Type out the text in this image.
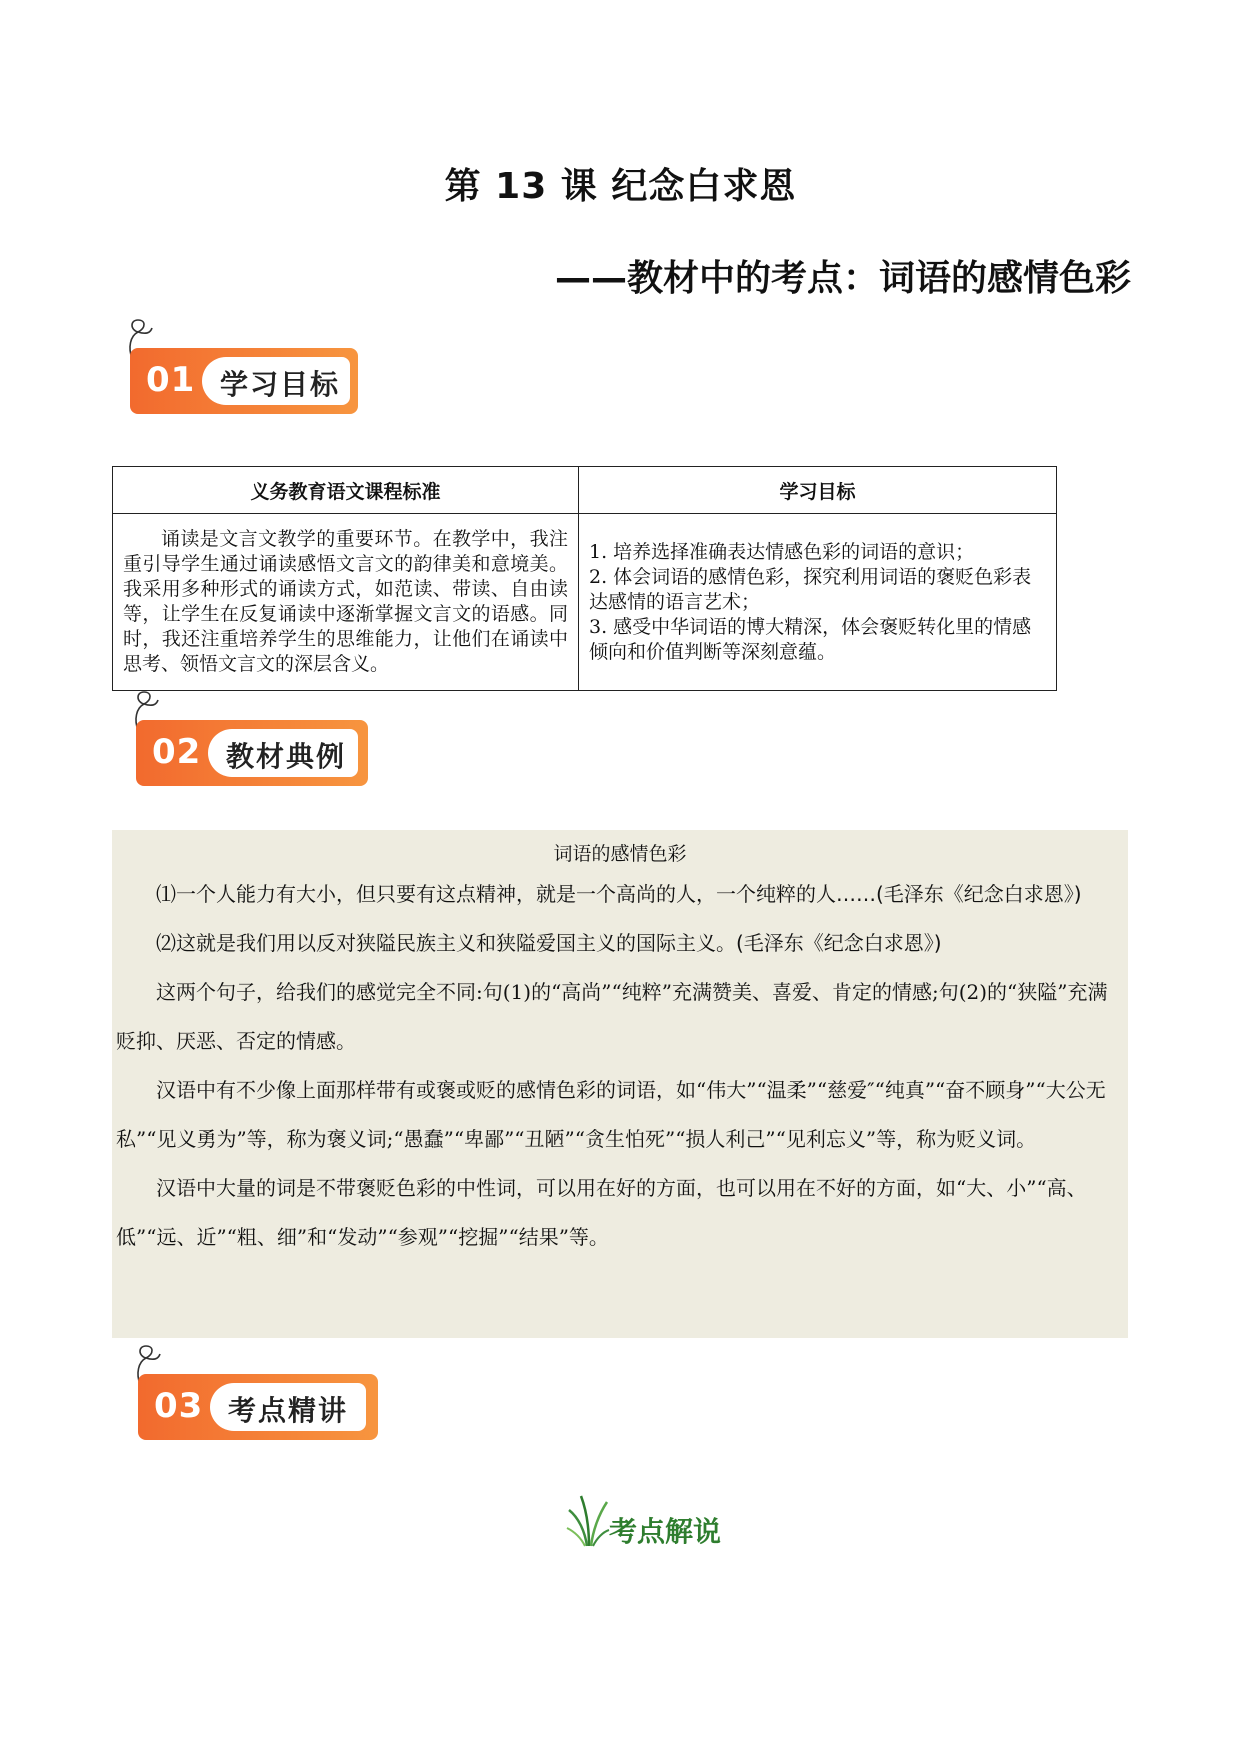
第 13 课 纪念白求恩
——教材中的考点：词语的感情色彩
01 学习目标
义务教育语文课程标准	学习目标
诵读是文言文教学的重要环节。在教学中，我注重引导学生通过诵读感悟文言文的韵律美和意境美。我采用多种形式的诵读方式，如范读、带读、自由读等，让学生在反复诵读中逐渐掌握文言文的语感。同时，我还注重培养学生的思维能力，让他们在诵读中思考、领悟文言文的深层含义。	1. 培养选择准确表达情感色彩的词语的意识；
2. 体会词语的感情色彩，探究利用词语的褒贬色彩表达感情的语言艺术；
3. 感受中华词语的博大精深，体会褒贬转化里的情感倾向和价值判断等深刻意蕴。
02 教材典例
词语的感情色彩

⑴一个人能力有大小，但只要有这点精神，就是一个高尚的人，一个纯粹的人……(毛泽东《纪念白求恩》)

⑵这就是我们用以反对狭隘民族主义和狭隘爱国主义的国际主义。(毛泽东《纪念白求恩》)

这两个句子，给我们的感觉完全不同:句(1)的“高尚”“纯粹”充满赞美、喜爱、肯定的情感;句(2)的“狭隘”充满贬抑、厌恶、否定的情感。

汉语中有不少像上面那样带有或褒或贬的感情色彩的词语，如“伟大”“温柔”“慈爱″“纯真”“奋不顾身”“大公无私”“见义勇为”等，称为褒义词;“愚蠢”“卑鄙”“丑陋”“贪生怕死”“损人利己”“见利忘义”等，称为贬义词。

汉语中大量的词是不带褒贬色彩的中性词，可以用在好的方面，也可以用在不好的方面，如“大、小”“高、低”“远、近”“粗、细”和“发动”“参观”“挖掘”“结果”等。

03 考点精讲
考点解说
